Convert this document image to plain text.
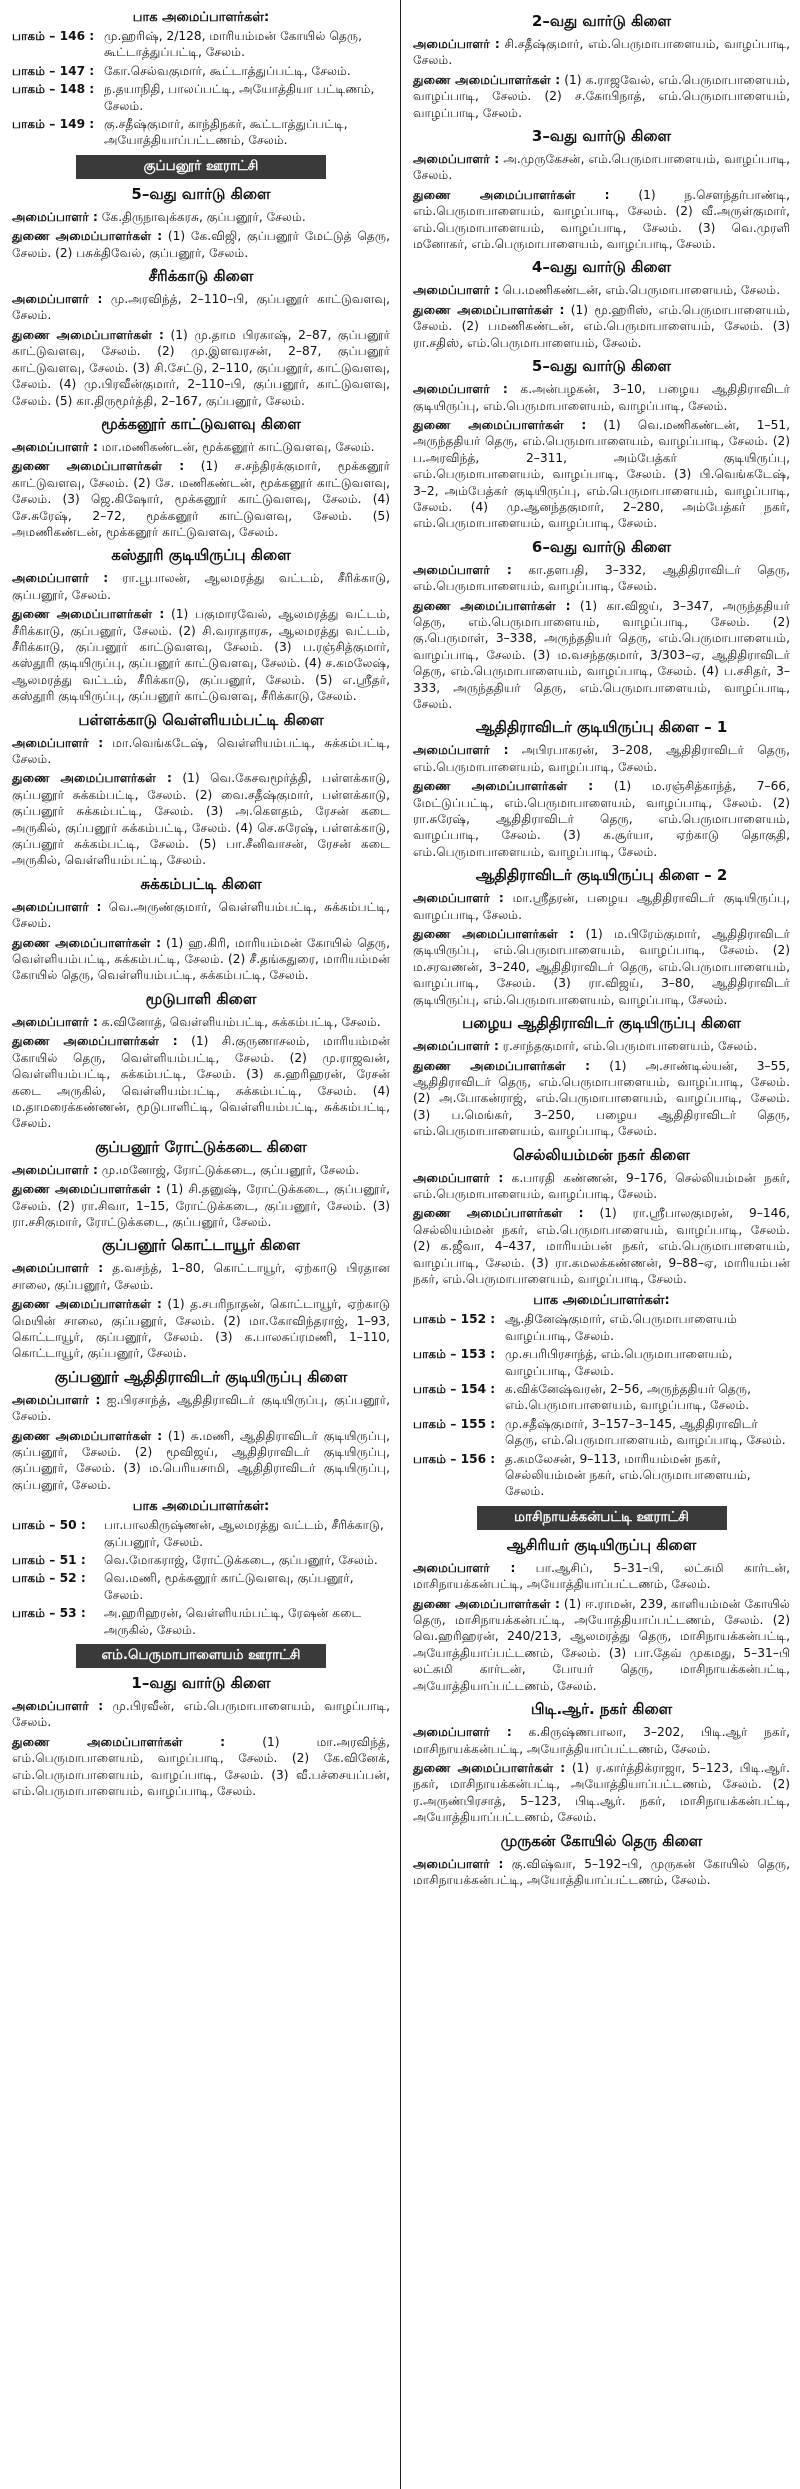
பாக அமைப்பாளர்கள்:
பாகம் – 146 : மு.ஹரிஷ், 2/128, மாரியம்மன் கோயில் தெரு, கூட்டாத்துப்பட்டி, சேலம்.
பாகம் – 147 : கோ.செல்வகுமார், கூட்டாத்துப்பட்டி, சேலம்.
பாகம் – 148 : ந.தயாநிதி, பாலப்பட்டி, அயோத்தியா பட்டிணம், சேலம்.
பாகம் – 149 : கு.சதீஷ்குமார், காந்திநகர், கூட்டாத்துப்பட்டி, அயோத்தியாப்பட்டணம், சேலம்.
குப்பனூர் ஊராட்சி
5–வது வார்டு கிளை

அமைப்பாளர் : கே.திருநாவுக்கரசு, குப்பனூர், சேலம்.

துணை அமைப்பாளர்கள் : (1) கே.விஜி, குப்பனூர் மேட்டுத் தெரு, சேலம். (2) பசுக்திவேல், குப்பனூர், சேலம்.

சீரிக்காடு கிளை

அமைப்பாளர் : மு.அரவிந்த், 2–110–பி, குப்பனூர் காட்டுவளவு, சேலம்.

துணை அமைப்பாளர்கள் : (1) மு.தாம பிரகாஷ், 2–87, குப்பனூர் காட்டுவளவு, சேலம். (2) மு.இளவரசன், 2–87, குப்பனூர் காட்டுவளவு, சேலம். (3) சி.சேட்டு, 2–110, குப்பனூர், காட்டுவளவு, சேலம். (4) மு.பிரவீன்குமார், 2–110–பி, குப்பனூர், காட்டுவளவு, சேலம். (5) கா.திருமூர்த்தி, 2–167, குப்பனூர், சேலம்.

மூக்கனூர் காட்டுவளவு கிளை

அமைப்பாளர் : மா.மணிகண்டன், மூக்கனூர் காட்டுவளவு, சேலம்.

துணை அமைப்பாளர்கள் : (1) ச.சந்திரக்குமார், மூக்கனூர் காட்டுவளவு, சேலம். (2) சே. மணிகண்டன், மூக்கனூர் காட்டுவளவு, சேலம். (3) ஜெ.கிஷோர், மூக்கனூர் காட்டுவளவு, சேலம். (4) சே.சுரேஷ், 2–72, மூக்கனூர் காட்டுவளவு, சேலம். (5) அமணிகண்டன், மூக்கனூர் காட்டுவளவு, சேலம்.

கஸ்தூரி குடியிருப்பு கிளை

அமைப்பாளர் : ரா.பூபாலன், ஆலமரத்து வட்டம், சீரிக்காடு, குப்பனூர், சேலம்.

துணை அமைப்பாளர்கள் : (1) பகுமாரவேல், ஆலமரத்து வட்டம், சீரிக்காடு, குப்பனூர், சேலம். (2) சி.வராதாரசு, ஆலமரத்து வட்டம், சீரிக்காடு, குப்பனூர் காட்டுவளவு, சேலம். (3) ப.ரஞ்சித்குமார், கஸ்தூரி குடியிருப்பு, குப்பனூர் காட்டுவளவு, சேலம். (4) ச.கமலேஷ், ஆலமரத்து வட்டம், சீரிக்காடு, குப்பனூர், சேலம். (5) எ.ஸ்ரீதர், கஸ்தூரி குடியிருப்பு, குப்பனூர் காட்டுவளவு, சீரிக்காடு, சேலம்.

பள்ளக்காடு வெள்ளியம்பட்டி கிளை

அமைப்பாளர் : மா.வெங்கடேஷ், வெள்ளியம்பட்டி, சுக்கம்பட்டி, சேலம்.

துணை அமைப்பாளர்கள் : (1) வெ.கேசவமூர்த்தி, பள்ளக்காடு, குப்பனூர் சுக்கம்பட்டி, சேலம். (2) வை.சதீஷ்குமார், பள்ளக்காடு, குப்பனூர் சுக்கம்பட்டி, சேலம். (3) அ.கௌதம், ரேசன் கடை அருகில், குப்பனூர் சுக்கம்பட்டி, சேலம். (4) செ.சுரேஷ், பள்ளக்காடு, குப்பனூர் சுக்கம்பட்டி, சேலம். (5) பா.சீனிவாசன், ரேசன் கடை அருகில், வெள்ளியம்பட்டி, சேலம்.

சுக்கம்பட்டி கிளை

அமைப்பாளர் : வெ.அருண்குமார், வெள்ளியம்பட்டி, சுக்கம்பட்டி, சேலம்.

துணை அமைப்பாளர்கள் : (1) ஹ.கிரி, மாரியம்மன் கோயில் தெரு, வெள்ளியம்பட்டி, சுக்கம்பட்டி, சேலம். (2) சீ.தங்கதுரை, மாரியம்மன் கோயில் தெரு, வெள்ளியம்பட்டி, சுக்கம்பட்டி, சேலம்.

மூடுபாளி கிளை

அமைப்பாளர் : க.வினோத், வெள்ளியம்பட்டி, சுக்கம்பட்டி, சேலம்.

துணை அமைப்பாளர்கள் : (1) சி.குருணாசலம், மாரியம்மன் கோயில் தெரு, வெள்ளியம்பட்டி, சேலம். (2) மு.ராஜவன், வெள்ளியம்பட்டி, சுக்கம்பட்டி, சேலம். (3) க.ஹரிஹரன், ரேசன் கடை அருகில், வெள்ளியம்பட்டி, சுக்கம்பட்டி, சேலம். (4) ம.தாமரைக்கண்ணன், மூடுபாளிட்டி, வெள்ளியம்பட்டி, சுக்கம்பட்டி, சேலம்.

குப்பனூர் ரோட்டுக்கடை கிளை

அமைப்பாளர் : மு.மனோஜ், ரோட்டுக்கடை, குப்பனூர், சேலம்.

துணை அமைப்பாளர்கள் : (1) சி.தனுஷ், ரோட்டுக்கடை, குப்பனூர், சேலம். (2) ரா.சிவா, 1–15, ரோட்டுக்கடை, குப்பனூர், சேலம். (3) ரா.சசிகுமார், ரோட்டுக்கடை, குப்பனூர், சேலம்.

குப்பனூர் கொட்டாயூர் கிளை

அமைப்பாளர் : த.வசந்த், 1–80, கொட்டாயூர், ஏற்காடு பிரதான சாலை, குப்பனூர், சேலம்.

துணை அமைப்பாளர்கள் : (1) த.சபரிநாதன், கொட்டாயூர், ஏற்காடு மெயின் சாலை, குப்பனூர், சேலம். (2) மா.கோவிந்தராஜ், 1–93, கொட்டாயூர், குப்பனூர், சேலம். (3) க.பாலசுப்ரமணி, 1–110, கொட்டாயூர், குப்பனூர், சேலம்.

குப்பனூர் ஆதிதிராவிடர் குடியிருப்பு கிளை

அமைப்பாளர் : ஐ.பிரசாந்த், ஆதிதிராவிடர் குடியிருப்பு, குப்பனூர், சேலம்.

துணை அமைப்பாளர்கள் : (1) சு.மணி, ஆதிதிராவிடர் குடியிருப்பு, குப்பனூர், சேலம். (2) மூவிஜய், ஆதிதிராவிடர் குடியிருப்பு, குப்பனூர், சேலம். (3) ம.பெரியசாமி, ஆதிதிராவிடர் குடியிருப்பு, குப்பனூர், சேலம்.

பாக அமைப்பாளர்கள்:
பாகம் – 50 :	பா.பாலகிருஷ்ணன், ஆலமரத்து வட்டம், சீரிக்காடு, குப்பனூர், சேலம்.
பாகம் – 51 :	வெ.மோகராஜ், ரோட்டுக்கடை, குப்பனூர், சேலம்.
பாகம் – 52 :	வெ.மணி, மூக்கனூர் காட்டுவளவு, குப்பனூர், சேலம்.
பாகம் – 53 :	அ.ஹரிஹரன், வெள்ளியம்பட்டி, ரேஷன் கடை அருகில், சேலம்.
எம்.பெருமாபாளையம் ஊராட்சி
1–வது வார்டு கிளை

அமைப்பாளர் : மு.பிரவீன், எம்.பெருமாபாளையம், வாழப்பாடி, சேலம்.

துணை அமைப்பாளர்கள் :	(1) மா.அரவிந்த், எம்.பெருமாபாளையம், வாழப்பாடி, சேலம். (2) கே.வினேக், எம்.பெருமாபாளையம், வாழப்பாடி, சேலம். (3) வீ.பச்சையப்பன், எம்.பெருமாபாளையம், வாழப்பாடி, சேலம்.

2–வது வார்டு கிளை

அமைப்பாளர் : சி.சதீஷ்குமார், எம்.பெருமாபாளையம், வாழப்பாடி, சேலம்.

துணை அமைப்பாளர்கள் : (1) க.ராஜவேல், எம்.பெருமாபாளையம், வாழப்பாடி, சேலம். (2) ச.கோபிநாத், எம்.பெருமாபாளையம், வாழப்பாடி, சேலம்.

3–வது வார்டு கிளை

அமைப்பாளர் : அ.முருகேசன், எம்.பெருமாபாளையம், வாழப்பாடி, சேலம்.

துணை அமைப்பாளர்கள் : (1) ந.செளந்தர்பாண்டி, எம்.பெருமாபாளையம், வாழப்பாடி, சேலம். (2) வீ.அருள்குமார், எம்.பெருமாபாளையம், வாழப்பாடி, சேலம். (3) வெ.முரளி மனோகர், எம்.பெருமாபாளையம், வாழப்பாடி, சேலம்.

4–வது வார்டு கிளை

அமைப்பாளர் : பெ.மணிகண்டன், எம்.பெருமாபாளையம், சேலம்.

துணை அமைப்பாளர்கள் : (1) மூ.ஹரிஸ், எம்.பெருமாபாளையம், சேலம். (2) பமணிகண்டன், எம்.பெருமாபாளையம், சேலம். (3) ரா.சதிஸ், எம்.பெருமாபாளையம், சேலம்.

5–வது வார்டு கிளை

அமைப்பாளர் : க.அன்பழகன், 3–10, பழைய ஆதிதிராவிடர் குடியிருப்பு, எம்.பெருமாபாளையம், வாழப்பாடி, சேலம்.

துணை அமைப்பாளர்கள் : (1) வெ.மணிகண்டன், 1–51, அருந்ததியர் தெரு, எம்.பெருமாபாளையம், வாழப்பாடி, சேலம். (2) ப.அரவிந்த், 2–311, அம்பேத்கர் குடியிருப்பு, எம்.பெருமாபாளையம், வாழப்பாடி, சேலம். (3) பி.வெங்கடேஷ், 3–2, அம்பேத்கர் குடியிருப்பு, எம்.பெருமாபாளையம், வாழப்பாடி, சேலம். (4) மு.ஆனந்தகுமார், 2–280, அம்பேத்கர் நகர், எம்.பெருமாபாளையம், வாழப்பாடி, சேலம்.

6–வது வார்டு கிளை

அமைப்பாளர் : கா.தளபதி, 3–332, ஆதிதிராவிடர் தெரு, எம்.பெருமாபாளையம், வாழப்பாடி, சேலம்.

துணை அமைப்பாளர்கள் : (1) கா.விஜய், 3–347, அருந்ததியர் தெரு, எம்.பெருமாபாளையம், வாழப்பாடி, சேலம். (2) கு.பெருமாள், 3–338, அருந்ததியர் தெரு, எம்.பெருமாபாளையம், வாழப்பாடி, சேலம். (3) ம.வசந்தகுமார், 3/303–ஏ, ஆதிதிராவிடர் தெரு, எம்.பெருமாபாளையம், வாழப்பாடி, சேலம். (4) ப.சசிதர், 3–333, அருந்ததியர் தெரு, எம்.பெருமாபாளையம், வாழப்பாடி, சேலம்.

ஆதிதிராவிடர் குடியிருப்பு கிளை – 1

அமைப்பாளர் : அபிரபாகரன், 3–208, ஆதிதிராவிடர் தெரு, எம்.பெருமாபாளையம், வாழப்பாடி, சேலம்.

துணை அமைப்பாளர்கள் : (1) ம.ரஞ்சித்காந்த், 7–66, மேட்டுப்பட்டி, எம்.பெருமாபாளையம், வாழப்பாடி, சேலம். (2) ரா.சுரேஷ், ஆதிதிராவிடர் தெரு, எம்.பெருமாபாளையம், வாழப்பாடி, சேலம். (3) க.சூர்யா, ஏற்காடு தொகுதி, எம்.பெருமாபாளையம், வாழப்பாடி, சேலம்.

ஆதிதிராவிடர் குடியிருப்பு கிளை – 2

அமைப்பாளர் : மா.ஸ்ரீதரன், பழைய ஆதிதிராவிடர் குடியிருப்பு, வாழப்பாடி, சேலம்.

துணை அமைப்பாளர்கள் : (1) ம.பிரேம்குமார், ஆதிதிராவிடர் குடியிருப்பு, எம்.பெருமாபாளையம், வாழப்பாடி, சேலம். (2) ம.சரவணன், 3–240, ஆதிதிராவிடர் தெரு, எம்.பெருமாபாளையம், வாழப்பாடி, சேலம். (3) ரா.விஜய், 3–80, ஆதிதிராவிடர் குடியிருப்பு, எம்.பெருமாபாளையம், வாழப்பாடி, சேலம்.

பழைய ஆதிதிராவிடர் குடியிருப்பு கிளை

அமைப்பாளர் : ர.சாந்தகுமார், எம்.பெருமாபாளையம், சேலம்.

துணை அமைப்பாளர்கள் : (1) அ.சாண்டில்யன், 3–55, ஆதிதிராவிடர் தெரு, எம்.பெருமாபாளையம், வாழப்பாடி, சேலம். (2) அ.போகன்ராஜ், எம்.பெருமாபாளையம், வாழப்பாடி, சேலம். (3) ப.மெங்கர், 3–250, பழைய ஆதிதிராவிடர் தெரு, எம்.பெருமாபாளையம், வாழப்பாடி, சேலம்.

செல்லியம்மன் நகர் கிளை

அமைப்பாளர் : க.பாரதி கண்ணன், 9–176, செல்லியம்மன் நகர், எம்.பெருமாபாளையம், வாழப்பாடி, சேலம்.

துணை அமைப்பாளர்கள் : (1) ரா.ஸ்ரீபாலகுமரன், 9–146, செல்லியம்மன் நகர், எம்.பெருமாபாளையம், வாழப்பாடி, சேலம். (2) க.ஜீவா, 4–437, மாரியம்பன் நகர், எம்.பெருமாபாளையம், வாழப்பாடி, சேலம். (3) ரா.கமலக்கண்ணன், 9–88–ஏ, மாரியம்பன் நகர், எம்.பெருமாபாளையம், வாழப்பாடி, சேலம்.

பாக அமைப்பாளர்கள்:
பாகம் – 152 : ஆ.தினேஷ்குமார், எம்.பெருமாபாளையம் வாழப்பாடி, சேலம்.
பாகம் – 153 : மு.சபரிபிரசாந்த், எம்.பெருமாபாளையம், வாழப்பாடி, சேலம்.
பாகம் – 154 : க.விக்னேஷ்வரன், 2–56, அருந்ததியர் தெரு, எம்.பெருமாபாளையம், வாழப்பாடி, சேலம்.
பாகம் – 155 : மு.சதீஷ்குமார், 3–157–3–145, ஆதிதிராவிடர் தெரு, எம்.பெருமாபாளையம், வாழப்பாடி, சேலம்.
பாகம் – 156 : த.கமலேசன், 9–113, மாரியம்மன் நகர், செல்லியம்மன் நகர், எம்.பெருமாபாளையம், சேலம்.
மாசிநாயக்கன்பட்டி ஊராட்சி
ஆசிரியர் குடியிருப்பு கிளை

அமைப்பாளர் : பா.ஆசிப், 5–31–பி, லட்சுமி கார்டன், மாசிநாயக்கன்பட்டி, அயோத்தியாப்பட்டணம், சேலம்.

துணை அமைப்பாளர்கள் : (1) ஈ.ராமன், 239, காளியம்மன் கோயில் தெரு, மாசிநாயக்கன்பட்டி, அயோத்தியாப்பட்டணம், சேலம். (2) வெ.ஹரிஹரன், 240/213, ஆலமரத்து தெரு, மாசிநாயக்கன்பட்டி, அயோத்தியாப்பட்டணம், சேலம். (3) பா.தேவ் முகமது, 5–31–பி லட்சுமி கார்டன், போயர் தெரு, மாசிநாயக்கன்பட்டி, அயோத்தியாப்பட்டணம், சேலம்.

பிடி.ஆர். நகர் கிளை

அமைப்பாளர் : க.கிருஷ்ணபாலா, 3–202, பிடி.ஆர் நகர், மாசிநாயக்கன்பட்டி, அயோத்தியாப்பட்டணம், சேலம்.

துணை அமைப்பாளர்கள் : (1) ர.கார்த்திக்ராஜா, 5–123, பிடி.ஆர். நகர், மாசிநாயக்கன்பட்டி, அயோத்தியாப்பட்டணம், சேலம். (2) ர.அருண்பிரசாத், 5–123, பிடி.ஆர். நகர், மாசிநாயக்கன்பட்டி, அயோத்தியாப்பட்டணம், சேலம்.

முருகன் கோயில் தெரு கிளை

அமைப்பாளர் : கு.விஷ்வா, 5–192–பி, முருகன் கோயில் தெரு, மாசிநாயக்கன்பட்டி, அயோத்தியாப்பட்டணம், சேலம்.
